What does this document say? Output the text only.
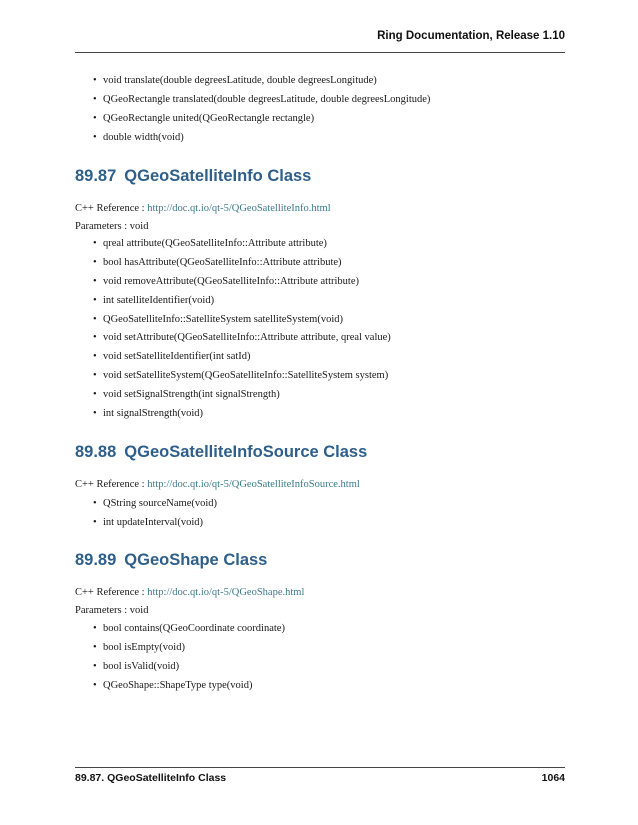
Ring Documentation, Release 1.10
• void translate(double degreesLatitude, double degreesLongitude)
• QGeoRectangle translated(double degreesLatitude, double degreesLongitude)
• QGeoRectangle united(QGeoRectangle rectangle)
• double width(void)
89.87 QGeoSatelliteInfo Class

C++ Reference : http://doc.qt.io/qt-5/QGeoSatelliteInfo.html

Parameters : void

• qreal attribute(QGeoSatelliteInfo::Attribute attribute)
• bool hasAttribute(QGeoSatelliteInfo::Attribute attribute)
• void removeAttribute(QGeoSatelliteInfo::Attribute attribute)
• int satelliteIdentifier(void)
• QGeoSatelliteInfo::SatelliteSystem satelliteSystem(void)
• void setAttribute(QGeoSatelliteInfo::Attribute attribute, qreal value)
• void setSatelliteIdentifier(int satId)
• void setSatelliteSystem(QGeoSatelliteInfo::SatelliteSystem system)
• void setSignalStrength(int signalStrength)
• int signalStrength(void)
89.88 QGeoSatelliteInfoSource Class

C++ Reference : http://doc.qt.io/qt-5/QGeoSatelliteInfoSource.html

• QString sourceName(void)
• int updateInterval(void)
89.89 QGeoShape Class

C++ Reference : http://doc.qt.io/qt-5/QGeoShape.html

Parameters : void

• bool contains(QGeoCoordinate coordinate)
• bool isEmpty(void)
• bool isValid(void)
• QGeoShape::ShapeType type(void)
89.87. QGeoSatelliteInfo Class	1064
